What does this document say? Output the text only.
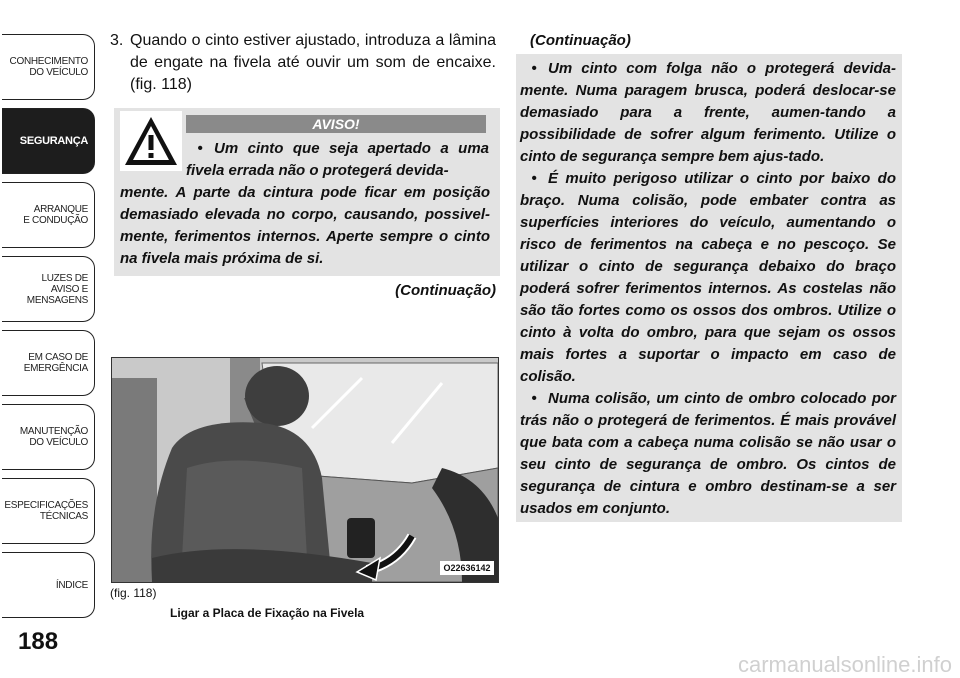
CONHECIMENTO
DO VEÍCULO
SEGURANÇA
ARRANQUE
E CONDUÇÃO
LUZES DE
AVISO E
MENSAGENS
EM CASO DE
EMERGÊNCIA
MANUTENÇÃO
DO VEÍCULO
ESPECIFICAÇÕES
TÉCNICAS
ÍNDICE
188
3. Quando o cinto estiver ajustado, introduza a lâmina de engate na fivela até ouvir um som de encaixe. (fig. 118)
AVISO!
• Um cinto que seja apertado a uma fivela errada não o protegerá devida-
mente. A parte da cintura pode ficar em posição demasiado elevada no corpo, causando, possivel-mente, ferimentos internos. Aperte sempre o cinto na fivela mais próxima de si.
(Continuação)
O22636142
(fig. 118)
Ligar a Placa de Fixação na Fivela
(Continuação)

• Um cinto com folga não o protegerá devida-mente. Numa paragem brusca, poderá deslocar-se demasiado para a frente, aumen-tando a possibilidade de sofrer algum ferimento. Utilize o cinto de segurança sempre bem ajus-tado.

• É muito perigoso utilizar o cinto por baixo do braço. Numa colisão, pode embater contra as superfícies interiores do veículo, aumentando o risco de ferimentos na cabeça e no pescoço. Se utilizar o cinto de segurança debaixo do braço poderá sofrer ferimentos internos. As costelas não são tão fortes como os ossos dos ombros. Utilize o cinto à volta do ombro, para que sejam os ossos mais fortes a suportar o impacto em caso de colisão.

• Numa colisão, um cinto de ombro colocado por trás não o protegerá de ferimentos. É mais provável que bata com a cabeça numa colisão se não usar o seu cinto de segurança de ombro. Os cintos de segurança de cintura e ombro destinam-se a ser usados em conjunto.

carmanualsonline.info
